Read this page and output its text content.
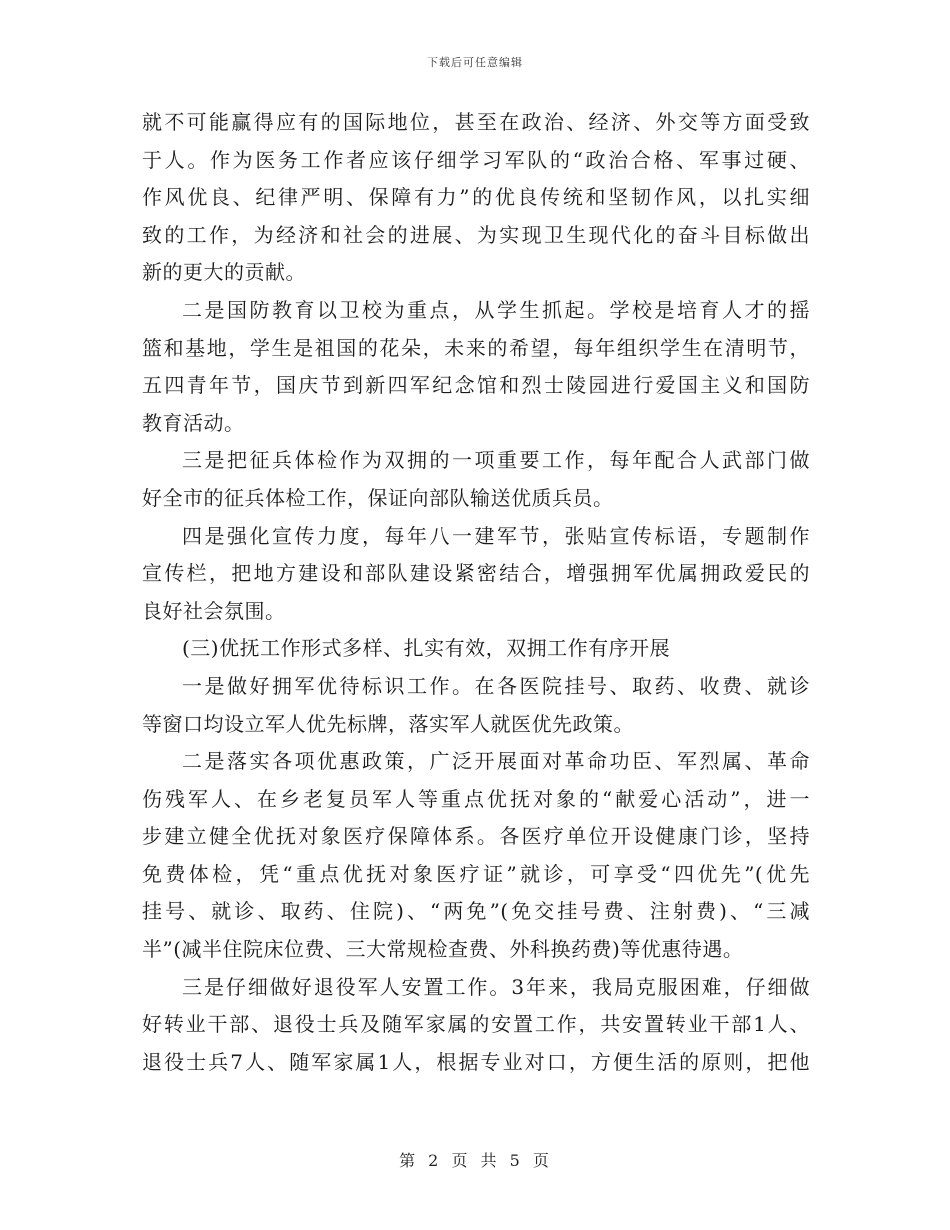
下载后可任意编辑
就不可能赢得应有的国际地位，甚至在政治、经济、外交等方面受致
于人。作为医务工作者应该仔细学习军队的“政治合格、军事过硬、
作风优良、纪律严明、保障有力”的优良传统和坚韧作风，以扎实细
致的工作，为经济和社会的进展、为实现卫生现代化的奋斗目标做出
新的更大的贡献。
二是国防教育以卫校为重点，从学生抓起。学校是培育人才的摇
篮和基地，学生是祖国的花朵，未来的希望，每年组织学生在清明节，
五四青年节，国庆节到新四军纪念馆和烈士陵园进行爱国主义和国防
教育活动。
三是把征兵体检作为双拥的一项重要工作，每年配合人武部门做
好全市的征兵体检工作，保证向部队输送优质兵员。
四是强化宣传力度，每年八一建军节，张贴宣传标语，专题制作
宣传栏，把地方建设和部队建设紧密结合，增强拥军优属拥政爱民的
良好社会氛围。
(三)优抚工作形式多样、扎实有效，双拥工作有序开展
一是做好拥军优待标识工作。在各医院挂号、取药、收费、就诊
等窗口均设立军人优先标牌，落实军人就医优先政策。
二是落实各项优惠政策，广泛开展面对革命功臣、军烈属、革命
伤残军人、在乡老复员军人等重点优抚对象的“献爱心活动”，进一
步建立健全优抚对象医疗保障体系。各医疗单位开设健康门诊，坚持
免费体检，凭“重点优抚对象医疗证”就诊，可享受“四优先”(优先
挂号、就诊、取药、住院)、“两免”(免交挂号费、注射费)、“三减
半”(减半住院床位费、三大常规检查费、外科换药费)等优惠待遇。
三是仔细做好退役军人安置工作。3年来，我局克服困难，仔细做
好转业干部、退役士兵及随军家属的安置工作，共安置转业干部1人、
退役士兵7人、随军家属1人，根据专业对口，方便生活的原则，把他
第 2 页 共 5 页
